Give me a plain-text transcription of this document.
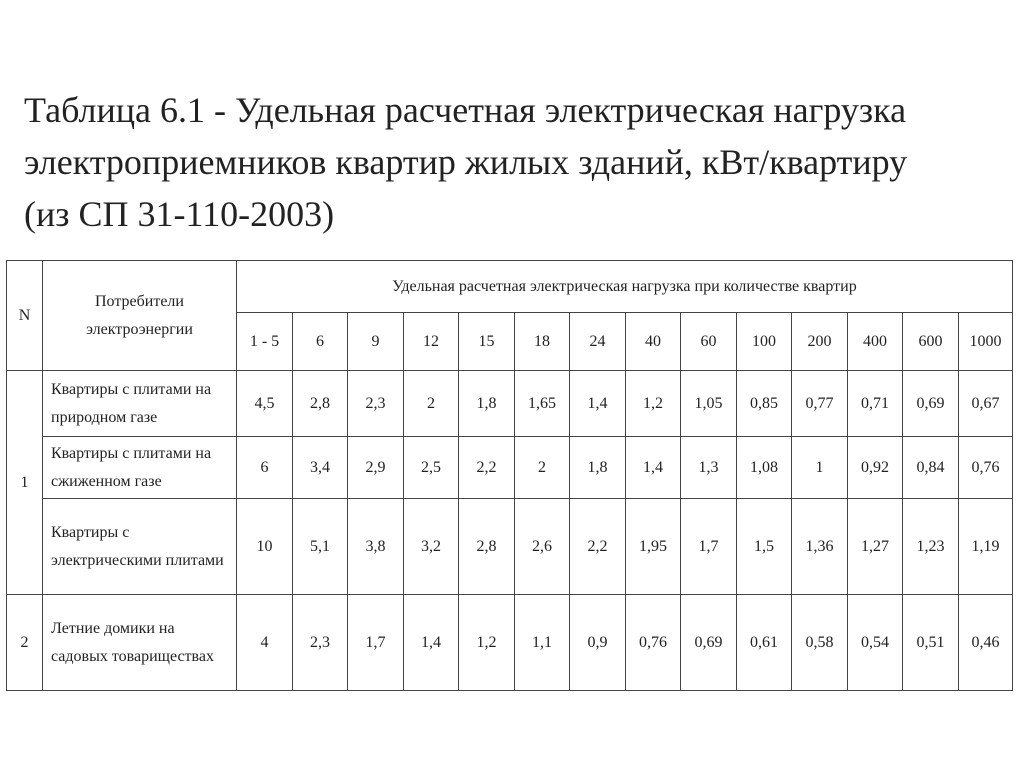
Таблица 6.1 - Удельная расчетная электрическая нагрузка
электроприемников квартир жилых зданий, кВт/квартиру
(из СП 31-110-2003)
N	Потребители электроэнергии	Удельная расчетная электрическая нагрузка при количестве квартир													
		1 - 5	6	9	12	15	18	24	40	60	100	200	400	600	1000
1	Квартиры с плитами на природном газе	4,5	2,8	2,3	2	1,8	1,65	1,4	1,2	1,05	0,85	0,77	0,71	0,69	0,67
	Квартиры с плитами на сжиженном газе	6	3,4	2,9	2,5	2,2	2	1,8	1,4	1,3	1,08	1	0,92	0,84	0,76
	Квартиры с электрическими плитами	10	5,1	3,8	3,2	2,8	2,6	2,2	1,95	1,7	1,5	1,36	1,27	1,23	1,19
2	Летние домики на садовых товариществах	4	2,3	1,7	1,4	1,2	1,1	0,9	0,76	0,69	0,61	0,58	0,54	0,51	0,46
